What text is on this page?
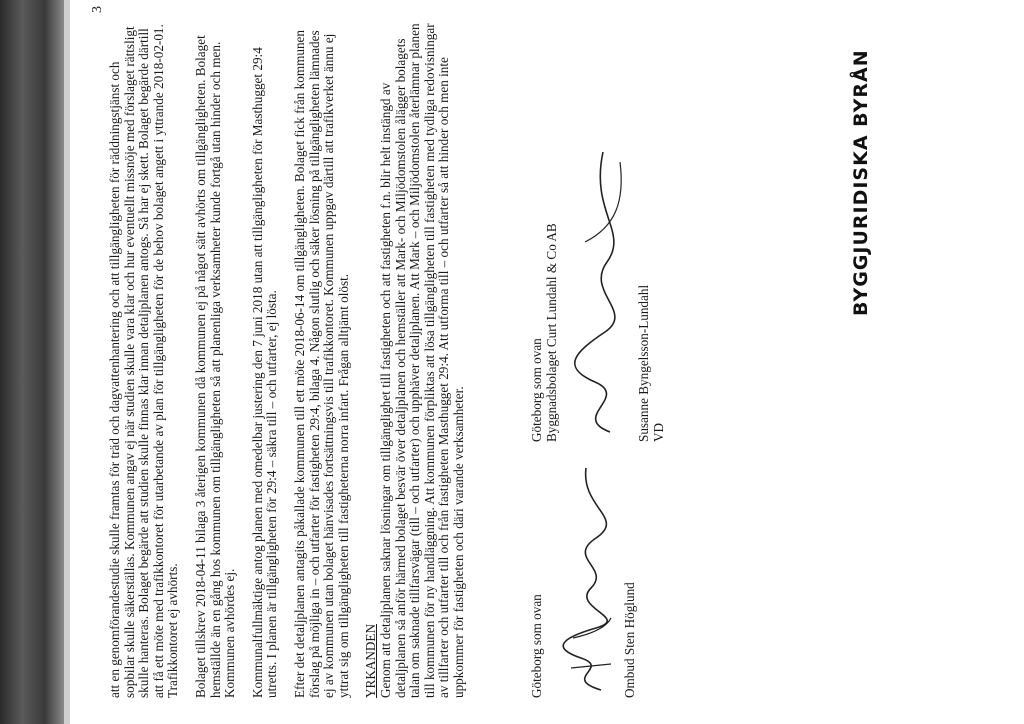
3

att en genomförandestudie skulle framtas för träd och dagvattenhantering och att tillgängligheten för räddningstjänst och sopbilar skulle säkerställas. Kommunen angav ej när studien skulle vara klar och hur eventuellt missnöje med förslaget rättsligt skulle hanteras. Bolaget begärde att studien skulle finnas klar innan detaljplanen antogs. Så har ej skett. Bolaget begärde därtill att få ett möte med trafikkontoret för utarbetande av plan för tillgängligheten för de behov bolaget angett i yttrande 2018-02-01. Trafikkontoret ej avhörts. Bolaget tillskrev 2018-04-11 bilaga 3 återigen kommunen då kommunen ej på något sätt avhörts om tillgängligheten. Bolaget hemställde än en gång hos kommunen om tillgängligheten så att planenliga verksamheter kunde fortgå utan hinder och men. Kommunen avhördes ej. Kommunalfullmäktige antog planen med omedelbar justering den 7 juni 2018 utan att tillgängligheten för Masthugget 29:4 utretts. I planen är tillgängligheten för 29:4 – säkra till – och utfarter, ej lösta. Efter det detaljplanen antagits påkallade kommunen till ett möte 2018-06-14 om tillgängligheten. Bolaget fick från kommunen förslag på möjliga in – och utfarter för fastigheten 29:4, bilaga 4. Någon slutlig och säker lösning på tillgängligheten lämnades ej av kommunen utan bolaget hänvisades fortsättningsvis till trafikkontoret. Kommunen uppgav därtill att trafikverket ännu ej yttrat sig om tillgängligheten till fastigheterna norra infart. Frågan alltjämt olöst. YRKANDEN Genom att detaljplanen saknar lösningar om tillgänglighet till fastigheten och att fastigheten f.n. blir helt instängd av detaljplanen så anför härmed bolaget besvär över detaljplanen och hemställer att Mark- och Miljödomstolen ålägger bolagets talan om saknade tillfarsvägar (till – och utfarter) och upphäver detaljplanen. Att Mark – och Miljödomstolen återlämnar planen till kommunen för ny handläggning. Att kommunen förpliktas att lösa tillgängligheten till fastigheten med tydliga redovisningar av tillfarter och utfarter till och från fastigheten Masthugget 29:4. Att utforma till – och utfarter så att hinder och men inte uppkommer för fastigheten och däri varande verksamheter.	Göteborg som ovan	Ombud Sten Höglund
Göteborg som ovan Byggnadsbolaget Curt Lundahl & Co AB	Susanne Byngelsson-Lundahl VD
BYGGJURIDISKA BYRÅN
